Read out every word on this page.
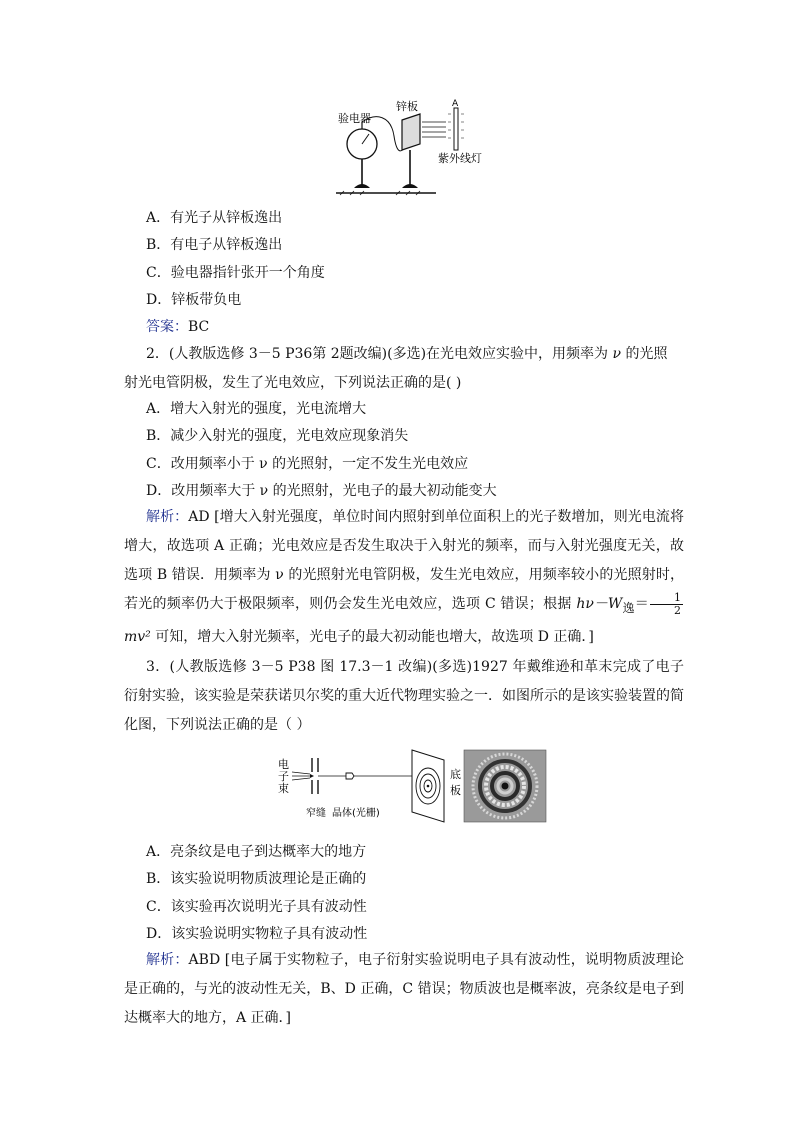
A
验电器
锌板
紫外线灯
A．有光子从锌板逸出
B．有电子从锌板逸出
C．验电器指针张开一个角度
D．锌板带负电
答案：BC
2．(人教版选修 3－5 P36第 2题改编)(多选)在光电效应实验中，用频率为 ν 的光照
射光电管阴极，发生了光电效应，下列说法正确的是( )
A．增大入射光的强度，光电流增大
B．减少入射光的强度，光电效应现象消失
C．改用频率小于 ν 的光照射，一定不发生光电效应
D．改用频率大于 ν 的光照射，光电子的最大初动能变大
解析：AD [增大入射光强度，单位时间内照射到单位面积上的光子数增加，则光电流将增大，故选项 A 正确；光电效应是否发生取决于入射光的频率，而与入射光强度无关，故选项 B 错误．用频率为 ν 的光照射光电管阴极，发生光电效应，用频率较小的光照射时，若光的频率仍大于极限频率，则仍会发生光电效应，选项 C 错误；根据 $h\nu-W_逸= \frac{1}{2}$
mv² 可知，增大入射光频率，光电子的最大初动能也增大，故选项 D 正确．]
3．(人教版选修 3－5 P38 图 17.3－1 改编)(多选)1927 年戴维逊和革末完成了电子衍射实验，该实验是荣获诺贝尔奖的重大近代物理实验之一．如图所示的是该实验装置的简化图，下列说法正确的是（ ）
电
子
束
窄缝 晶体(光栅)
底
板
A．亮条纹是电子到达概率大的地方
B．该实验说明物质波理论是正确的
C．该实验再次说明光子具有波动性
D．该实验说明实物粒子具有波动性
解析：ABD [电子属于实物粒子，电子衍射实验说明电子具有波动性，说明物质波理论是正确的，与光的波动性无关，B、D 正确，C 错误；物质波也是概率波，亮条纹是电子到达概率大的地方，A 正确．]
